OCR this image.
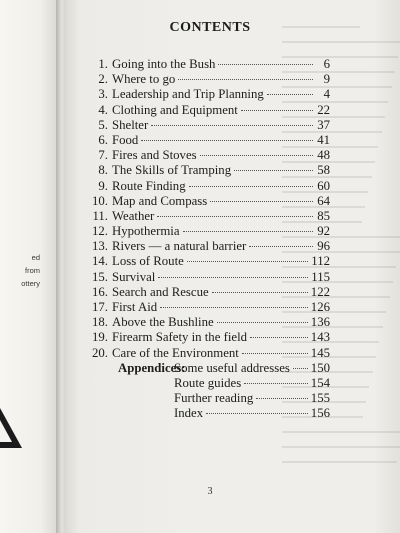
ed
from
ottery
CONTENTS
1. Going into the Bush	6
2. Where to go	9
3. Leadership and Trip Planning	4
4. Clothing and Equipment	22
5. Shelter	37
6. Food	41
7. Fires and Stoves	48
8. The Skills of Tramping	58
9. Route Finding	60
10. Map and Compass	64
11. Weather	85
12. Hypothermia	92
13. Rivers — a natural barrier	96
14. Loss of Route	112
15. Survival	115
16. Search and Rescue	122
17. First Aid	126
18. Above the Bushline	136
19. Firearm Safety in the field	143
20. Care of the Environment	145
Appendices:
Some useful addresses 150
Route guides	154
Further reading	155
Index	156
3
